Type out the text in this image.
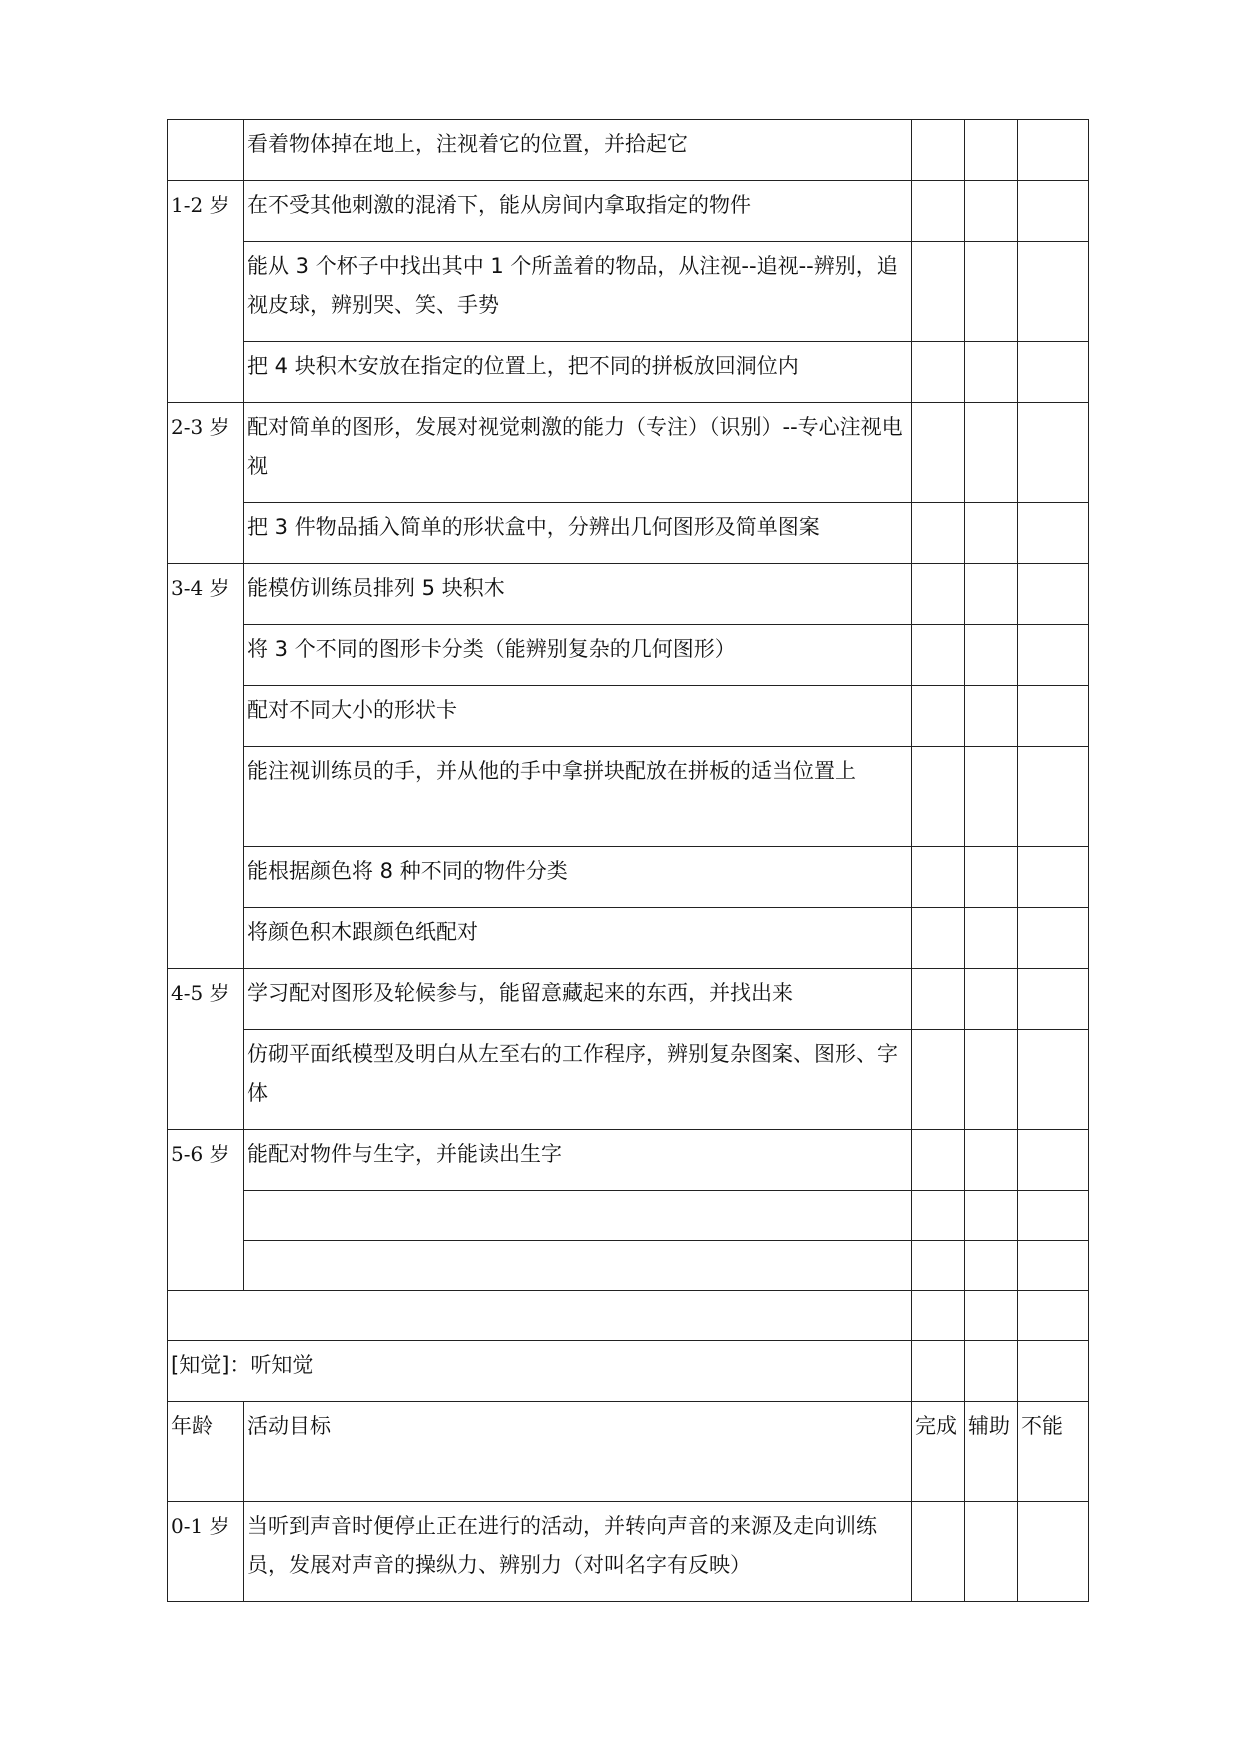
	看着物体掉在地上，注视着它的位置，并拾起它			
1-2 岁	在不受其他刺激的混淆下，能从房间内拿取指定的物件			
	能从 3 个杯子中找出其中 1 个所盖着的物品，从注视--追视--辨别，追视皮球，辨别哭、笑、手势			
	把 4 块积木安放在指定的位置上，把不同的拼板放回洞位内			
2-3 岁	配对简单的图形，发展对视觉刺激的能力（专注）（识别）--专心注视电视			
	把 3 件物品插入简单的形状盒中，分辨出几何图形及简单图案			
3-4 岁	能模仿训练员排列 5 块积木			
	将 3 个不同的图形卡分类（能辨别复杂的几何图形）			
	配对不同大小的形状卡			
	能注视训练员的手，并从他的手中拿拼块配放在拼板的适当位置上			
	能根据颜色将 8 种不同的物件分类			
	将颜色积木跟颜色纸配对			
4-5 岁	学习配对图形及轮候参与，能留意藏起来的东西，并找出来			
	仿砌平面纸模型及明白从左至右的工作程序，辨别复杂图案、图形、字体			
5-6 岁	能配对物件与生字，并能读出生字			

[知觉]：听知觉				
年龄	活动目标	完成	辅助	不能
0-1 岁	当听到声音时便停止正在进行的活动，并转向声音的来源及走向训练员，发展对声音的操纵力、辨别力（对叫名字有反映）			
